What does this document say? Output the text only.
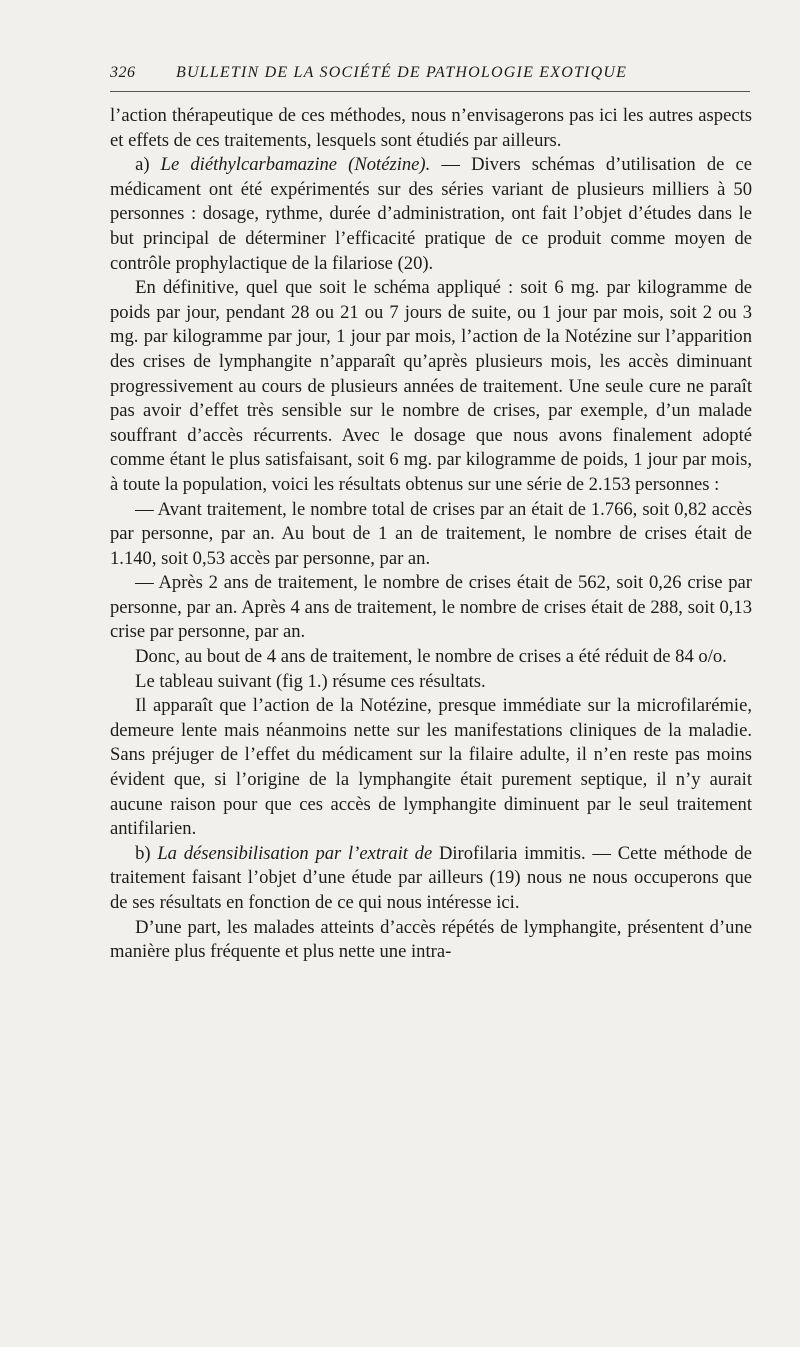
326	BULLETIN DE LA SOCIÉTÉ DE PATHOLOGIE EXOTIQUE

l’action thérapeutique de ces méthodes, nous n’envisagerons pas ici les autres aspects et effets de ces traitements, lesquels sont étudiés par ailleurs.

a) Le diéthylcarbamazine (Notézine). — Divers schémas d’utilisation de ce médicament ont été expérimentés sur des séries variant de plusieurs milliers à 50 personnes : dosage, rythme, durée d’administration, ont fait l’objet d’études dans le but principal de déterminer l’efficacité pratique de ce produit comme moyen de contrôle prophylactique de la filariose (20).

En définitive, quel que soit le schéma appliqué : soit 6 mg. par kilogramme de poids par jour, pendant 28 ou 21 ou 7 jours de suite, ou 1 jour par mois, soit 2 ou 3 mg. par kilogramme par jour, 1 jour par mois, l’action de la Notézine sur l’apparition des crises de lymphangite n’apparaît qu’après plusieurs mois, les accès diminuant progressivement au cours de plusieurs années de traitement. Une seule cure ne paraît pas avoir d’effet très sensible sur le nombre de crises, par exemple, d’un malade souffrant d’accès récurrents. Avec le dosage que nous avons finalement adopté comme étant le plus satisfaisant, soit 6 mg. par kilogramme de poids, 1 jour par mois, à toute la population, voici les résultats obtenus sur une série de 2.153 personnes :

— Avant traitement, le nombre total de crises par an était de 1.766, soit 0,82 accès par personne, par an. Au bout de 1 an de traitement, le nombre de crises était de 1.140, soit 0,53 accès par personne, par an.

— Après 2 ans de traitement, le nombre de crises était de 562, soit 0,26 crise par personne, par an. Après 4 ans de traitement, le nombre de crises était de 288, soit 0,13 crise par personne, par an.

Donc, au bout de 4 ans de traitement, le nombre de crises a été réduit de 84 o/o.

Le tableau suivant (fig 1.) résume ces résultats.

Il apparaît que l’action de la Notézine, presque immédiate sur la microfilarémie, demeure lente mais néanmoins nette sur les manifestations cliniques de la maladie. Sans préjuger de l’effet du médicament sur la filaire adulte, il n’en reste pas moins évident que, si l’origine de la lymphangite était purement septique, il n’y aurait aucune raison pour que ces accès de lymphangite diminuent par le seul traitement antifilarien.

b) La désensibilisation par l’extrait de Dirofilaria immitis. — Cette méthode de traitement faisant l’objet d’une étude par ailleurs (19) nous ne nous occuperons que de ses résultats en fonction de ce qui nous intéresse ici.

D’une part, les malades atteints d’accès répétés de lymphangite, présentent d’une manière plus fréquente et plus nette une intra-
